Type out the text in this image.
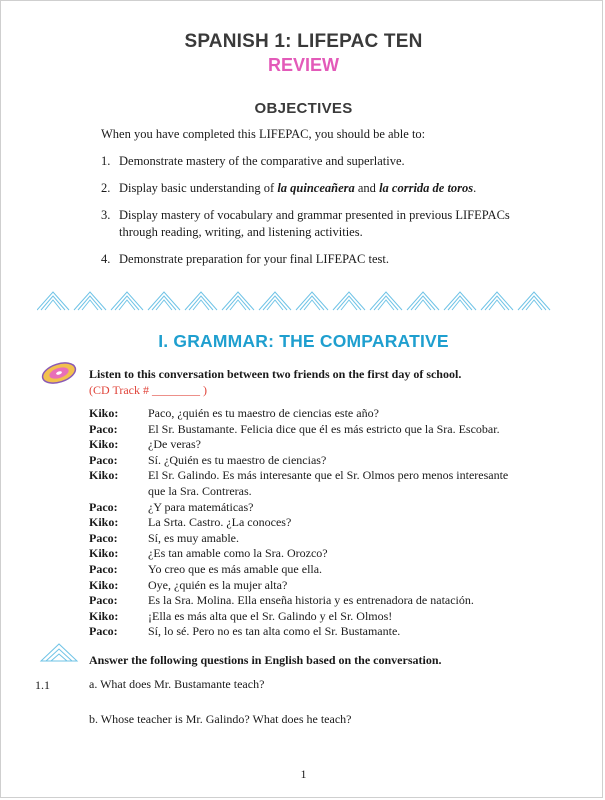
SPANISH 1: LIFEPAC TEN
REVIEW
OBJECTIVES
When you have completed this LIFEPAC, you should be able to:
1. Demonstrate mastery of the comparative and superlative.
2. Display basic understanding of la quinceañera and la corrida de toros.
3. Display mastery of vocabulary and grammar presented in previous LIFEPACs through reading, writing, and listening activities.
4. Demonstrate preparation for your final LIFEPAC test.
I. GRAMMAR: THE COMPARATIVE
Listen to this conversation between two friends on the first day of school.
(CD Track # ________ )
Kiko:	Paco, ¿quién es tu maestro de ciencias este año?
Paco:	El Sr. Bustamante. Felicia dice que él es más estricto que la Sra. Escobar.
Kiko:	¿De veras?
Paco:	Sí. ¿Quién es tu maestro de ciencias?
Kiko:	El Sr. Galindo. Es más interesante que el Sr. Olmos pero menos interesante
que la Sra. Contreras.
Paco:	¿Y para matemáticas?
Kiko:	La Srta. Castro. ¿La conoces?
Paco:	Sí, es muy amable.
Kiko:	¿Es tan amable como la Sra. Orozco?
Paco:	Yo creo que es más amable que ella.
Kiko:	Oye, ¿quién es la mujer alta?
Paco:	Es la Sra. Molina. Ella enseña historia y es entrenadora de natación.
Kiko:	¡Ella es más alta que el Sr. Galindo y el Sr. Olmos!
Paco:	Sí, lo sé. Pero no es tan alta como el Sr. Bustamante.
Answer the following questions in English based on the conversation.
1.1	a. What does Mr. Bustamante teach?
b. Whose teacher is Mr. Galindo? What does he teach?
1
